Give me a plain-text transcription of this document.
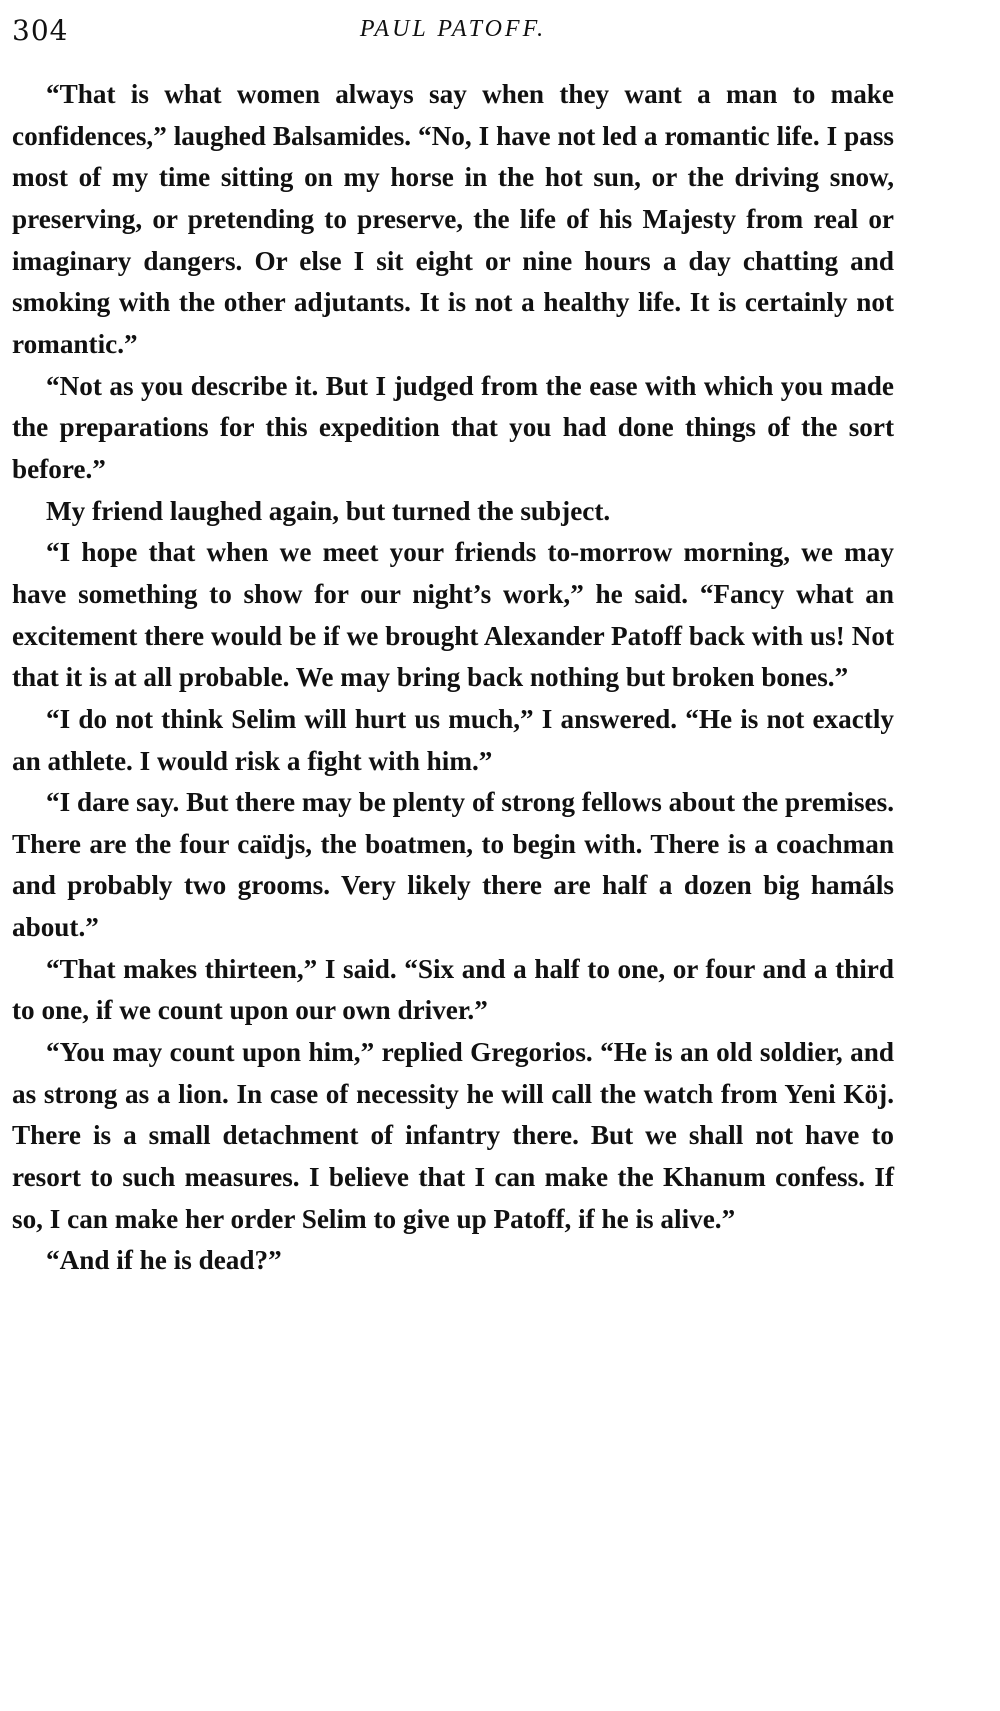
304	PAUL PATOFF.

“That is what women always say when they want a man to make confidences,” laughed Balsamides. “No, I have not led a romantic life. I pass most of my time sitting on my horse in the hot sun, or the driving snow, preserving, or pretending to preserve, the life of his Majesty from real or imaginary dangers. Or else I sit eight or nine hours a day chatting and smoking with the other adjutants. It is not a healthy life. It is certainly not romantic.”

“Not as you describe it. But I judged from the ease with which you made the preparations for this expedition that you had done things of the sort before.”

My friend laughed again, but turned the subject.

“I hope that when we meet your friends to-morrow morning, we may have something to show for our night’s work,” he said. “Fancy what an excitement there would be if we brought Alexander Patoff back with us! Not that it is at all probable. We may bring back nothing but broken bones.”

“I do not think Selim will hurt us much,” I answered. “He is not exactly an athlete. I would risk a fight with him.”

“I dare say. But there may be plenty of strong fellows about the premises. There are the four caïdjs, the boatmen, to begin with. There is a coachman and probably two grooms. Very likely there are half a dozen big hamáls about.”

“That makes thirteen,” I said. “Six and a half to one, or four and a third to one, if we count upon our own driver.”

“You may count upon him,” replied Gregorios. “He is an old soldier, and as strong as a lion. In case of necessity he will call the watch from Yeni Köj. There is a small detachment of infantry there. But we shall not have to resort to such measures. I believe that I can make the Khanum confess. If so, I can make her order Selim to give up Patoff, if he is alive.”

“And if he is dead?”
